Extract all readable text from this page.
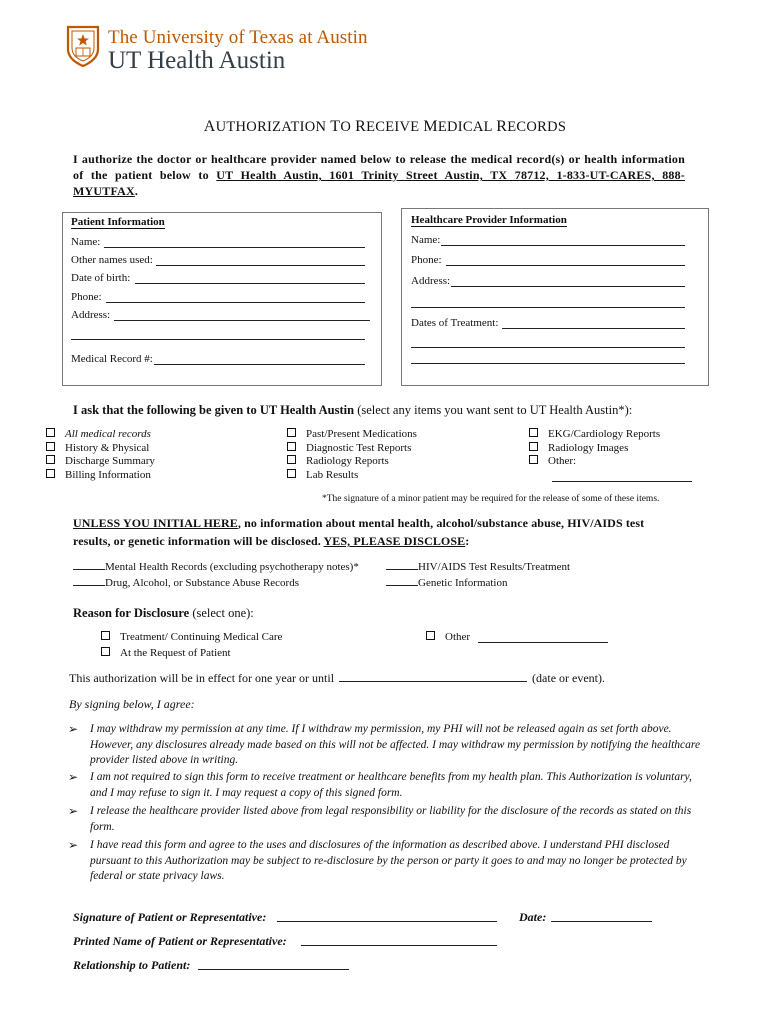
The University of Texas at Austin
UT Health Austin
AUTHORIZATION TO RECEIVE MEDICAL RECORDS
I authorize the doctor or healthcare provider named below to release the medical record(s) or health information of the patient below to UT Health Austin, 1601 Trinity Street Austin, TX 78712, 1-833-UT-CARES, 888-MYUTFAX.
Patient Information
Name:
Other names used:
Date of birth:
Phone:
Address:
Medical Record #:
Healthcare Provider Information
Name:
Phone:
Address:
Dates of Treatment:
I ask that the following be given to UT Health Austin (select any items you want sent to UT Health Austin*):
All medical records
History & Physical
Discharge Summary
Billing Information
Past/Present Medications
Diagnostic Test Reports
Radiology Reports
Lab Results
EKG/Cardiology Reports
Radiology Images
Other:
*The signature of a minor patient may be required for the release of some of these items.
UNLESS YOU INITIAL HERE, no information about mental health, alcohol/substance abuse, HIV/AIDS test
results, or genetic information will be disclosed. YES, PLEASE DISCLOSE:
Mental Health Records (excluding psychotherapy notes)*
Drug, Alcohol, or Substance Abuse Records
HIV/AIDS Test Results/Treatment
Genetic Information
Reason for Disclosure (select one):
Treatment/ Continuing Medical Care
At the Request of Patient
Other
This authorization will be in effect for one year or until	(date or event).
By signing below, I agree:
➢ I may withdraw my permission at any time. If I withdraw my permission, my PHI will not be released again as set forth above. However, any disclosures already made based on this will not be affected. I may withdraw my permission by notifying the healthcare provider listed above in writing.
➢ I am not required to sign this form to receive treatment or healthcare benefits from my health plan. This Authorization is voluntary, and I may refuse to sign it. I may request a copy of this signed form.
➢ I release the healthcare provider listed above from legal responsibility or liability for the disclosure of the records as stated on this form.
➢ I have read this form and agree to the uses and disclosures of the information as described above. I understand PHI disclosed pursuant to this Authorization may be subject to re-disclosure by the person or party it goes to and may no longer be protected by federal or state privacy laws.
Signature of Patient or Representative:	Date:
Printed Name of Patient or Representative:
Relationship to Patient:
